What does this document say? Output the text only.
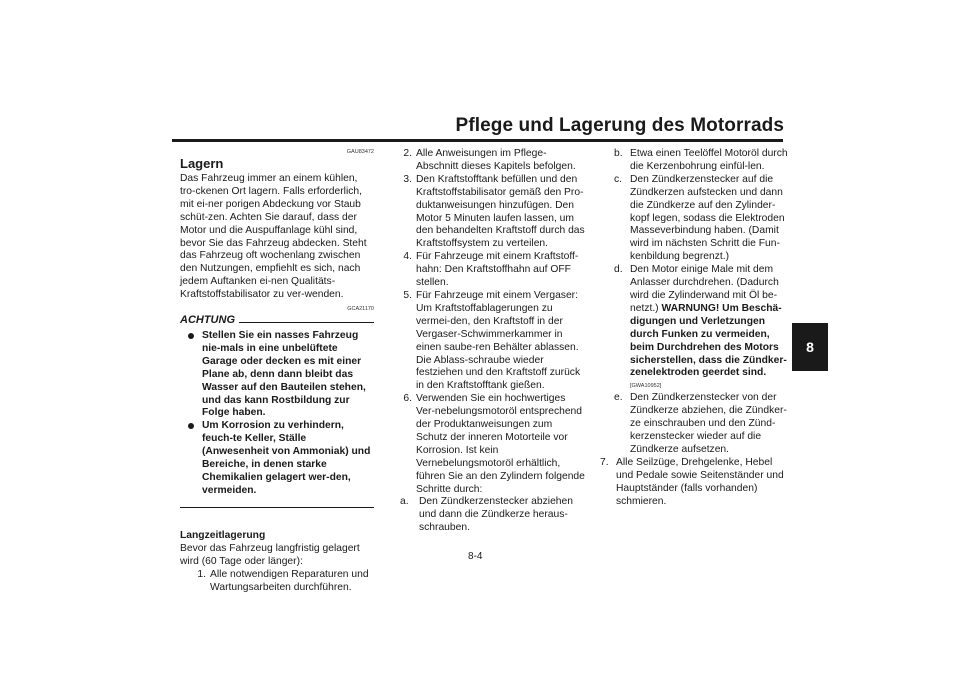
Pflege und Lagerung des Motorrads
8
8-4
GAU83472
Lagern
Das Fahrzeug immer an einem kühlen, tro-ckenen Ort lagern. Falls erforderlich, mit ei-ner porigen Abdeckung vor Staub schüt-zen. Achten Sie darauf, dass der Motor und die Auspuffanlage kühl sind, bevor Sie das Fahrzeug abdecken. Steht das Fahrzeug oft wochenlang zwischen den Nutzungen, empfiehlt es sich, nach jedem Auftanken ei-nen Qualitäts-Kraftstoffstabilisator zu ver-wenden.
GCA21170
ACHTUNG
Stellen Sie ein nasses Fahrzeug nie-mals in eine unbelüftete Garage oder decken es mit einer Plane ab, denn dann bleibt das Wasser auf den Bauteilen stehen, und das kann Rostbildung zur Folge haben.
Um Korrosion zu verhindern, feuch-te Keller, Ställe (Anwesenheit von Ammoniak) und Bereiche, in denen starke Chemikalien gelagert wer-den, vermeiden.
Langzeitlagerung
Bevor das Fahrzeug langfristig gelagert wird (60 Tage oder länger):
1. Alle notwendigen Reparaturen und Wartungsarbeiten durchführen.
2. Alle Anweisungen im Pflege-Abschnitt dieses Kapitels befolgen.
3. Den Kraftstofftank befüllen und den Kraftstoffstabilisator gemäß den Pro-duktanweisungen hinzufügen. Den Motor 5 Minuten laufen lassen, um den behandelten Kraftstoff durch das Kraftstoffsystem zu verteilen.
4. Für Fahrzeuge mit einem Kraftstoff-hahn: Den Kraftstoffhahn auf OFF stellen.
5. Für Fahrzeuge mit einem Vergaser: Um Kraftstoffablagerungen zu vermei-den, den Kraftstoff in der Vergaser-Schwimmerkammer in einen saube-ren Behälter ablassen. Die Ablass-schraube wieder festziehen und den Kraftstoff zurück in den Kraftstofftank gießen.
6. Verwenden Sie ein hochwertiges Ver-nebelungsmotoröl entsprechend der Produktanweisungen zum Schutz der inneren Motorteile vor Korrosion. Ist kein Vernebelungsmotoröl erhältlich, führen Sie an den Zylindern folgende Schritte durch:
a. Den Zündkerzenstecker abziehen und dann die Zündkerze heraus-schrauben.
b. Etwa einen Teelöffel Motoröl durch die Kerzenbohrung einfül-len.
c. Den Zündkerzenstecker auf die Zündkerzen aufstecken und dann die Zündkerze auf den Zylinder-kopf legen, sodass die Elektroden Masseverbindung haben. (Damit wird im nächsten Schritt die Fun-kenbildung begrenzt.)
d. Den Motor einige Male mit dem Anlasser durchdrehen. (Dadurch wird die Zylinderwand mit Öl be-netzt.) WARNUNG! Um Beschä-digungen und Verletzungen durch Funken zu vermeiden, beim Durchdrehen des Motors sicherstellen, dass die Zündker-zenelektroden geerdet sind.
[GWA10952]
e. Den Zündkerzenstecker von der Zündkerze abziehen, die Zündker-ze einschrauben und den Zünd-kerzenstecker wieder auf die Zündkerze aufsetzen.
7. Alle Seilzüge, Drehgelenke, Hebel und Pedale sowie Seitenständer und Hauptständer (falls vorhanden) schmieren.
